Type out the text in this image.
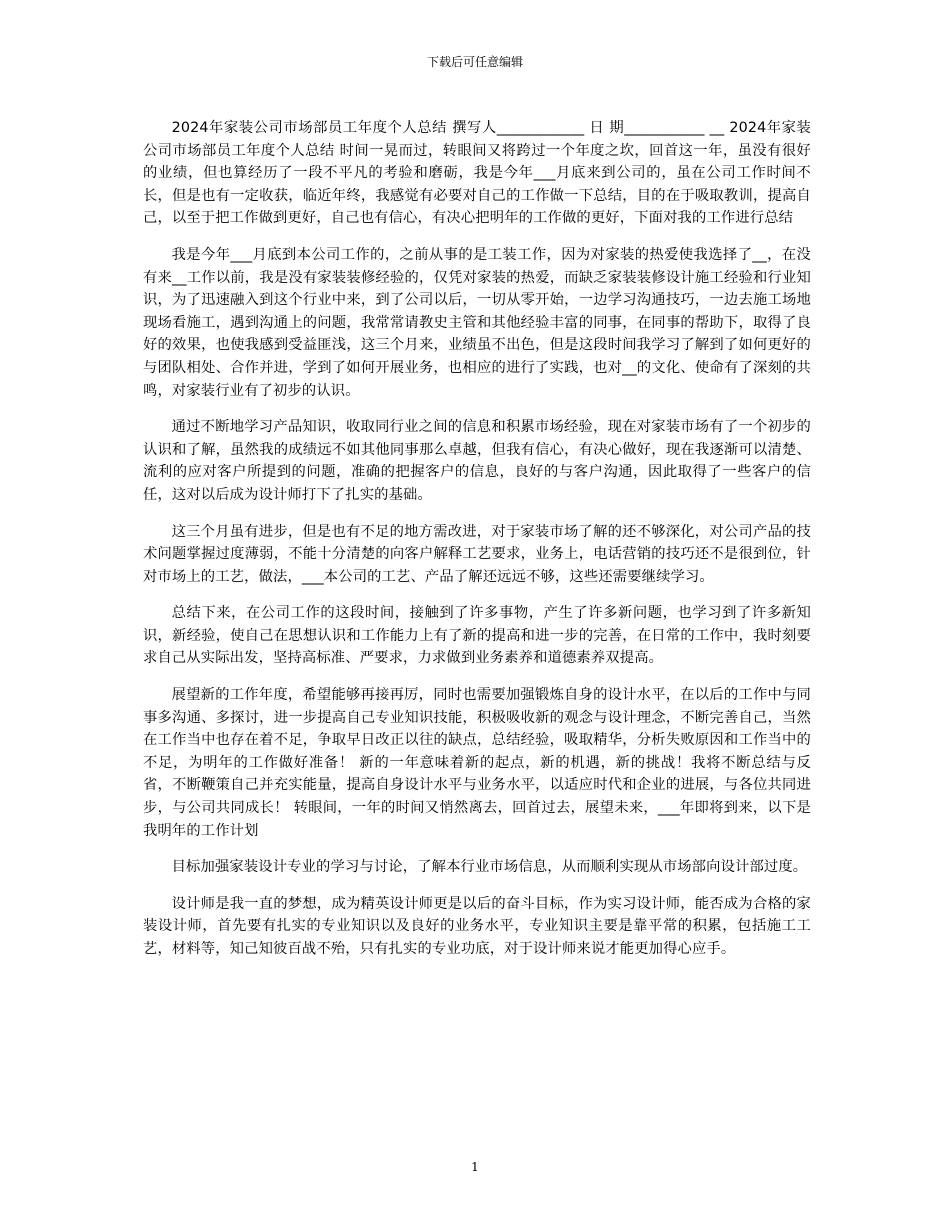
下载后可任意编辑

2024年家装公司市场部员工年度个人总结 撰写人____________ 日 期___________ __ 2024年家装公司市场部员工年度个人总结 时间一晃而过，转眼间又将跨过一个年度之坎，回首这一年，虽没有很好的业绩，但也算经历了一段不平凡的考验和磨砺，我是今年___月底来到公司的，虽在公司工作时间不长，但是也有一定收获，临近年终，我感觉有必要对自己的工作做一下总结，目的在于吸取教训，提高自己，以至于把工作做到更好，自己也有信心，有决心把明年的工作做的更好，下面对我的工作进行总结

我是今年___月底到本公司工作的，之前从事的是工装工作，因为对家装的热爱使我选择了__，在没有来__工作以前，我是没有家装装修经验的，仅凭对家装的热爱，而缺乏家装装修设计施工经验和行业知识，为了迅速融入到这个行业中来，到了公司以后，一切从零开始，一边学习沟通技巧，一边去施工场地现场看施工，遇到沟通上的问题，我常常请教史主管和其他经验丰富的同事，在同事的帮助下，取得了良好的效果，也使我感到受益匪浅，这三个月来，业绩虽不出色，但是这段时间我学习了解到了如何更好的与团队相处、合作并进，学到了如何开展业务，也相应的进行了实践，也对__的文化、使命有了深刻的共鸣，对家装行业有了初步的认识。

通过不断地学习产品知识，收取同行业之间的信息和积累市场经验，现在对家装市场有了一个初步的认识和了解，虽然我的成绩远不如其他同事那么卓越，但我有信心，有决心做好，现在我逐渐可以清楚、流利的应对客户所提到的问题，准确的把握客户的信息，良好的与客户沟通，因此取得了一些客户的信任，这对以后成为设计师打下了扎实的基础。

这三个月虽有进步，但是也有不足的地方需改进，对于家装市场了解的还不够深化，对公司产品的技术问题掌握过度薄弱，不能十分清楚的向客户解释工艺要求，业务上，电话营销的技巧还不是很到位，针对市场上的工艺，做法，___本公司的工艺、产品了解还远远不够，这些还需要继续学习。

总结下来，在公司工作的这段时间，接触到了许多事物，产生了许多新问题，也学习到了许多新知识，新经验，使自己在思想认识和工作能力上有了新的提高和进一步的完善，在日常的工作中，我时刻要求自己从实际出发，坚持高标准、严要求，力求做到业务素养和道德素养双提高。

展望新的工作年度，希望能够再接再厉，同时也需要加强锻炼自身的设计水平，在以后的工作中与同事多沟通、多探讨，进一步提高自己专业知识技能，积极吸收新的观念与设计理念，不断完善自己，当然在工作当中也存在着不足，争取早日改正以往的缺点，总结经验，吸取精华，分析失败原因和工作当中的不足，为明年的工作做好准备！ 新的一年意味着新的起点，新的机遇，新的挑战！我将不断总结与反省，不断鞭策自己并充实能量，提高自身设计水平与业务水平，以适应时代和企业的进展，与各位共同进步，与公司共同成长！ 转眼间，一年的时间又悄然离去，回首过去，展望未来，___年即将到来，以下是我明年的工作计划

目标加强家装设计专业的学习与讨论，了解本行业市场信息，从而顺利实现从市场部向设计部过度。

设计师是我一直的梦想，成为精英设计师更是以后的奋斗目标，作为实习设计师，能否成为合格的家装设计师，首先要有扎实的专业知识以及良好的业务水平，专业知识主要是靠平常的积累，包括施工工艺，材料等，知己知彼百战不殆，只有扎实的专业功底，对于设计师来说才能更加得心应手。

1
